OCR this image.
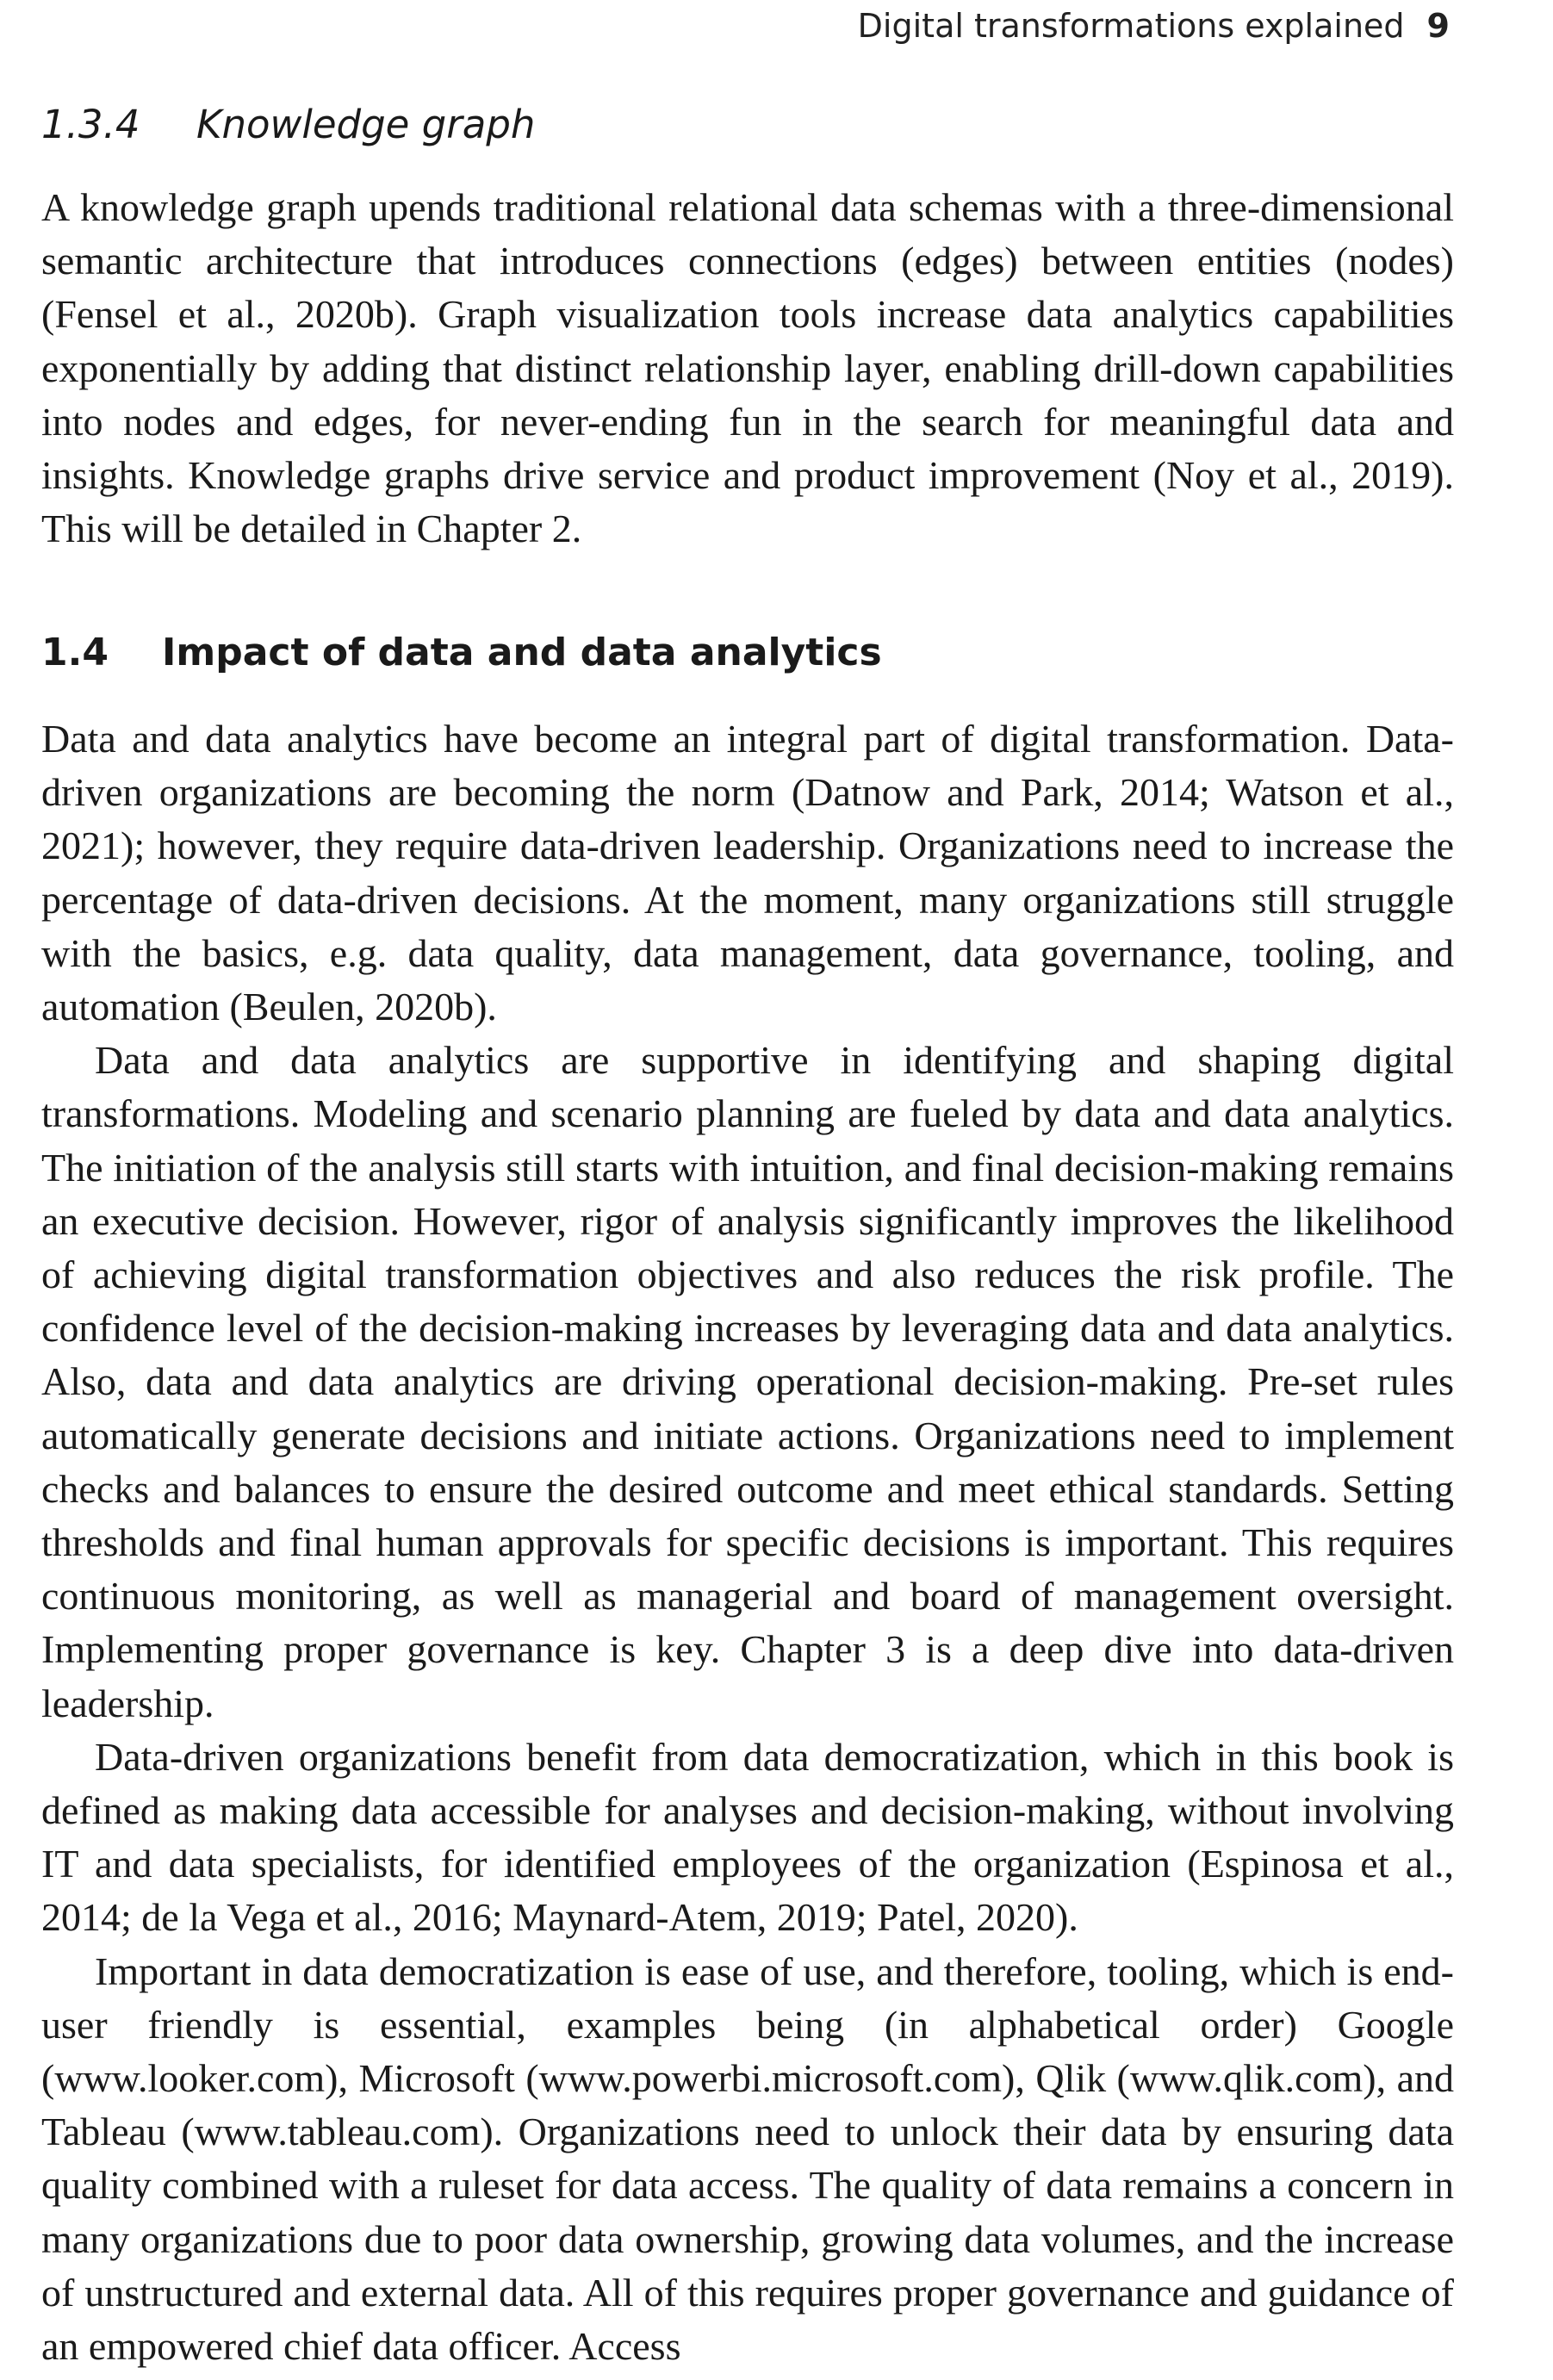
Digital transformations explained 9
1.3.4 Knowledge graph

A knowledge graph upends traditional relational data schemas with a three-dimensional semantic architecture that introduces connections (edges) between entities (nodes) (Fensel et al., 2020b). Graph visualization tools increase data analytics capabilities exponentially by adding that distinct relationship layer, enabling drill-down capabilities into nodes and edges, for never-ending fun in the search for meaningful data and insights. Knowledge graphs drive service and product improvement (Noy et al., 2019). This will be detailed in Chapter 2.

1.4 Impact of data and data analytics

Data and data analytics have become an integral part of digital transformation. Data-driven organizations are becoming the norm (Datnow and Park, 2014; Watson et al., 2021); however, they require data-driven leadership. Organizations need to increase the percentage of data-driven decisions. At the moment, many organizations still struggle with the basics, e.g. data quality, data management, data governance, tooling, and automation (Beulen, 2020b).

Data and data analytics are supportive in identifying and shaping digital transformations. Modeling and scenario planning are fueled by data and data analytics. The initiation of the analysis still starts with intuition, and final decision-making remains an executive decision. However, rigor of analysis significantly improves the likelihood of achieving digital transformation objectives and also reduces the risk profile. The confidence level of the decision-making increases by leveraging data and data analytics. Also, data and data analytics are driving operational decision-making. Pre-set rules automatically generate decisions and initiate actions. Organizations need to implement checks and balances to ensure the desired outcome and meet ethical standards. Setting thresholds and final human approvals for specific decisions is important. This requires continuous monitoring, as well as managerial and board of management oversight. Implementing proper governance is key. Chapter 3 is a deep dive into data-driven leadership.

Data-driven organizations benefit from data democratization, which in this book is defined as making data accessible for analyses and decision-making, without involving IT and data specialists, for identified employees of the organization (Espinosa et al., 2014; de la Vega et al., 2016; Maynard-Atem, 2019; Patel, 2020).

Important in data democratization is ease of use, and therefore, tooling, which is end-user friendly is essential, examples being (in alphabetical order) Google (www.looker.com), Microsoft (www.powerbi.microsoft.com), Qlik (www.qlik.com), and Tableau (www.tableau.com). Organizations need to unlock their data by ensuring data quality combined with a ruleset for data access. The quality of data remains a concern in many organizations due to poor data ownership, growing data volumes, and the increase of unstructured and external data. All of this requires proper governance and guidance of an empowered chief data officer. Access
